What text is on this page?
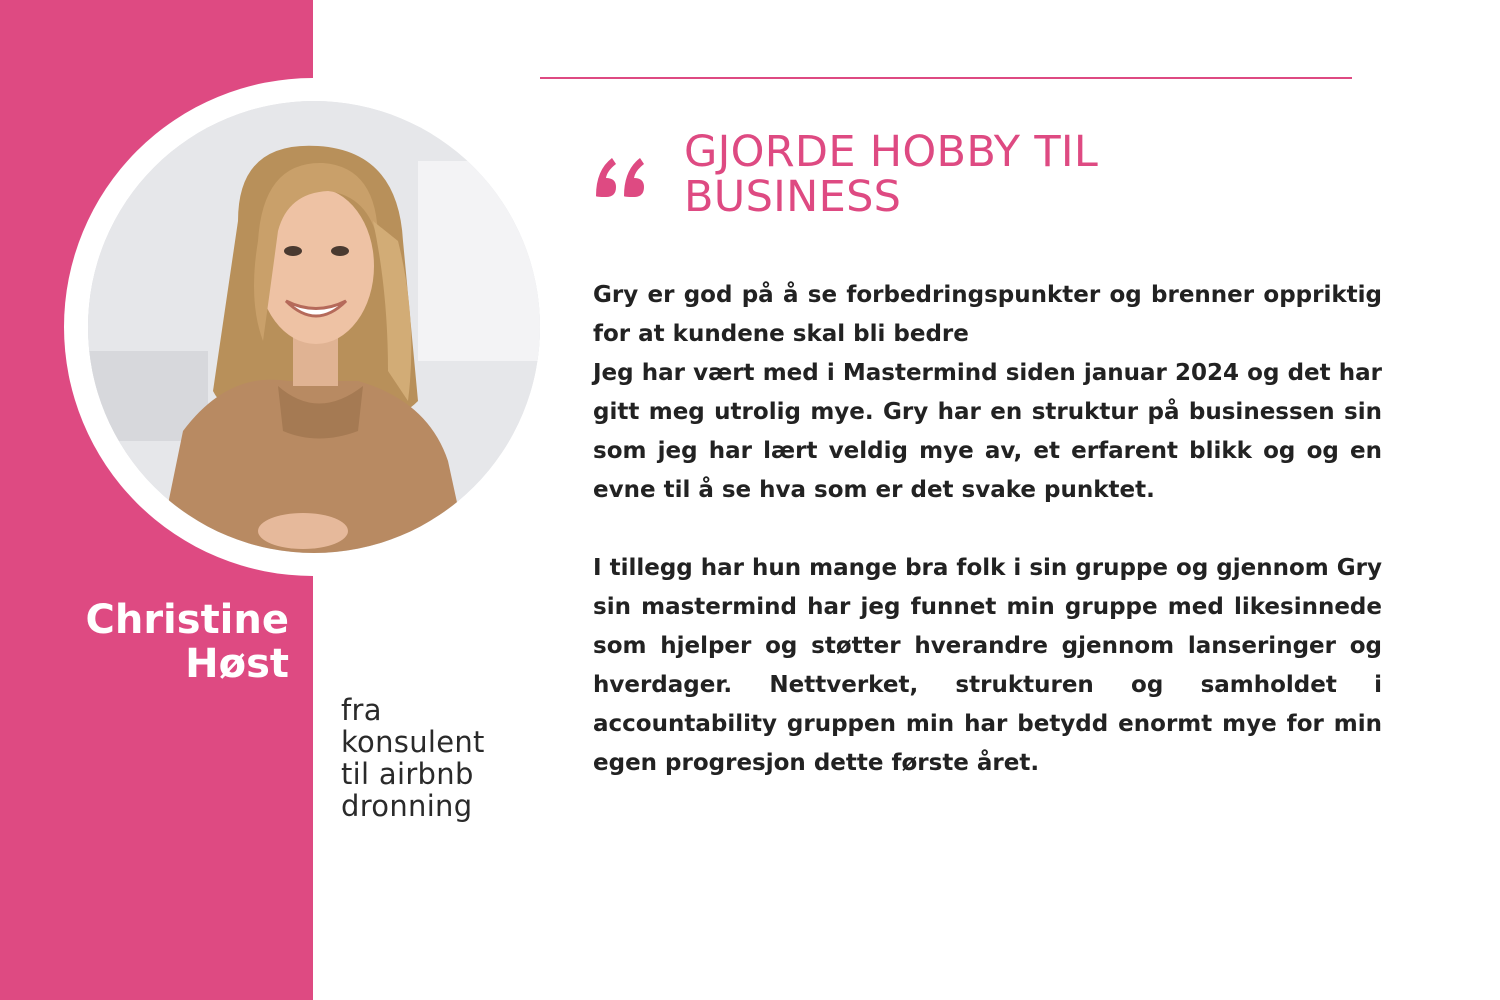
Christine
Høst
fra konsulent til airbnb dronning
GJORDE HOBBY TIL BUSINESS

Gry er god på å se forbedringspunkter og brenner oppriktig for at kundene skal bli bedre

Jeg har vært med i Mastermind siden januar 2024 og det har gitt meg utrolig mye. Gry har en struktur på businessen sin som jeg har lært veldig mye av, et erfarent blikk og og en evne til å se hva som er det svake punktet.

I tillegg har hun mange bra folk i sin gruppe og gjennom Gry sin mastermind har jeg funnet min gruppe med likesinnede som hjelper og støtter hverandre gjennom lanseringer og hverdager. Nettverket, strukturen og samholdet i accountability gruppen min har betydd enormt mye for min egen progresjon dette første året.
